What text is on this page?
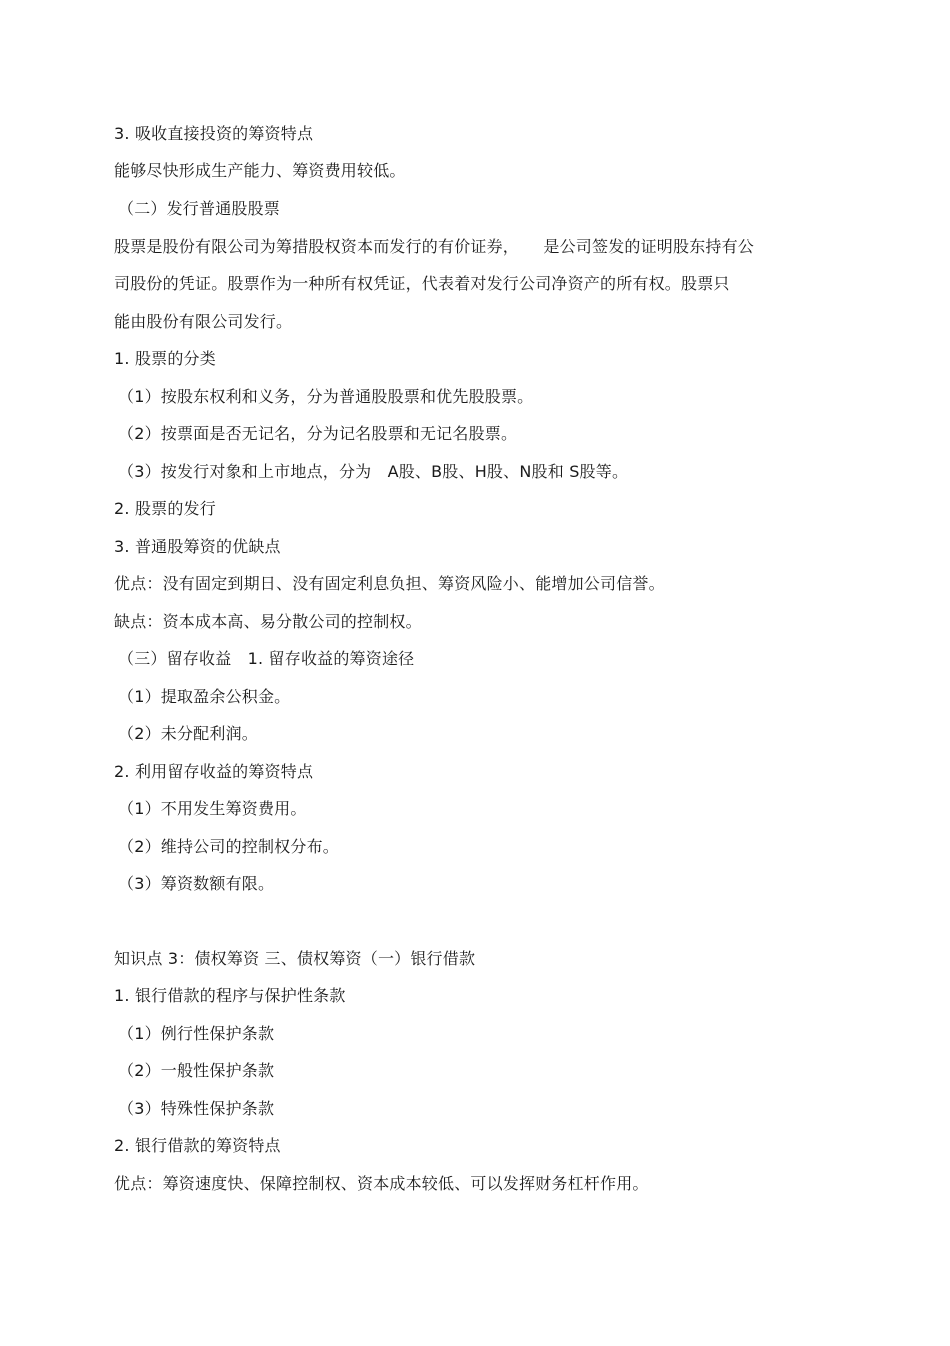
3. 吸收直接投资的筹资特点
能够尽快形成生产能力、筹资费用较低。
（二）发行普通股股票
股票是股份有限公司为筹措股权资本而发行的有价证券，　　是公司签发的证明股东持有公
司股份的凭证。股票作为一种所有权凭证，代表着对发行公司净资产的所有权。股票只
能由股份有限公司发行。
1. 股票的分类
（1）按股东权利和义务，分为普通股股票和优先股股票。
（2）按票面是否无记名，分为记名股票和无记名股票。
（3）按发行对象和上市地点，分为　A股、B股、H股、N股和 S股等。
2. 股票的发行
3. 普通股筹资的优缺点
优点：没有固定到期日、没有固定利息负担、筹资风险小、能增加公司信誉。
缺点：资本成本高、易分散公司的控制权。
（三）留存收益　1. 留存收益的筹资途径
（1）提取盈余公积金。
（2）未分配利润。
2. 利用留存收益的筹资特点
（1）不用发生筹资费用。
（2）维持公司的控制权分布。
（3）筹资数额有限。
知识点 3：债权筹资 三、债权筹资（一）银行借款
1. 银行借款的程序与保护性条款
（1）例行性保护条款
（2）一般性保护条款
（3）特殊性保护条款
2. 银行借款的筹资特点
优点：筹资速度快、保障控制权、资本成本较低、可以发挥财务杠杆作用。
